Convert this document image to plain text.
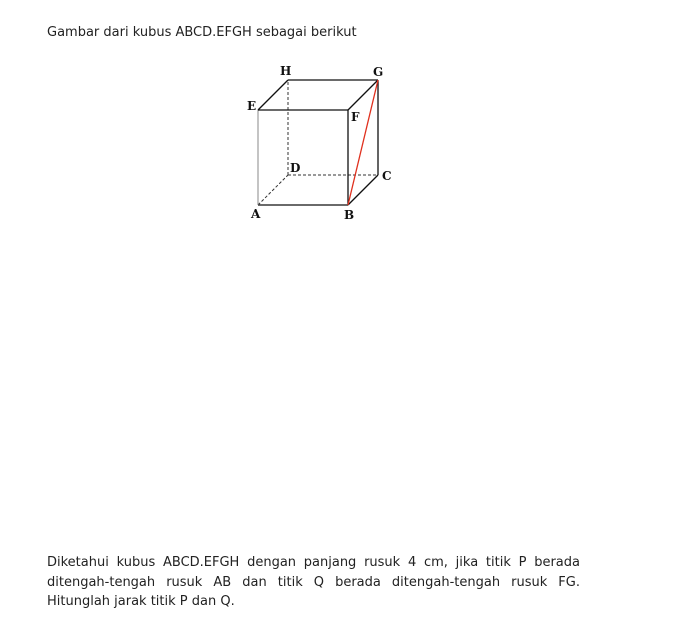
Gambar dari kubus ABCD.EFGH sebagai berikut
A	B
C
D
E
F
G
H
Diketahui kubus ABCD.EFGH dengan panjang rusuk 4 cm, jika titik P berada
ditengah-tengah rusuk AB dan titik Q berada ditengah-tengah rusuk FG.
Hitunglah jarak titik P dan Q.
